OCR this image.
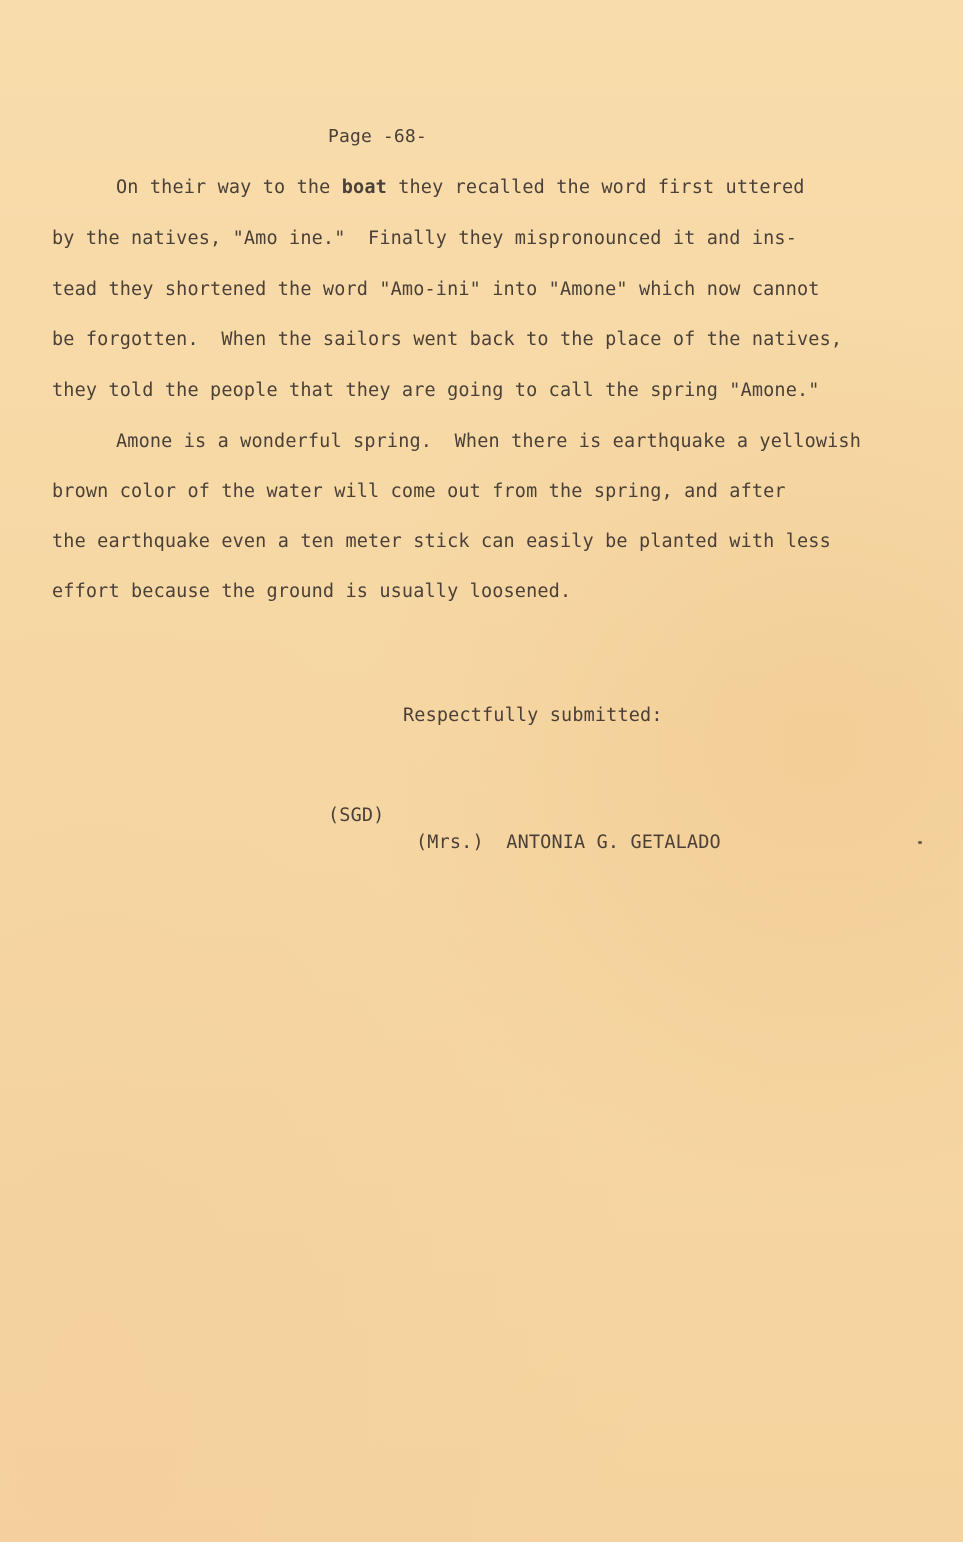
Page -68-
On their way to the boat they recalled the word first uttered
by the natives, "Amo ine."  Finally they mispronounced it and ins-
tead they shortened the word "Amo-ini" into "Amone" which now cannot
be forgotten.  When the sailors went back to the place of the natives,
they told the people that they are going to call the spring "Amone."
Amone is a wonderful spring.  When there is earthquake a yellowish
brown color of the water will come out from the spring, and after
the earthquake even a ten meter stick can easily be planted with less
effort because the ground is usually loosened.
Respectfully submitted:
(SGD)
(Mrs.)  ANTONIA G. GETALADO
